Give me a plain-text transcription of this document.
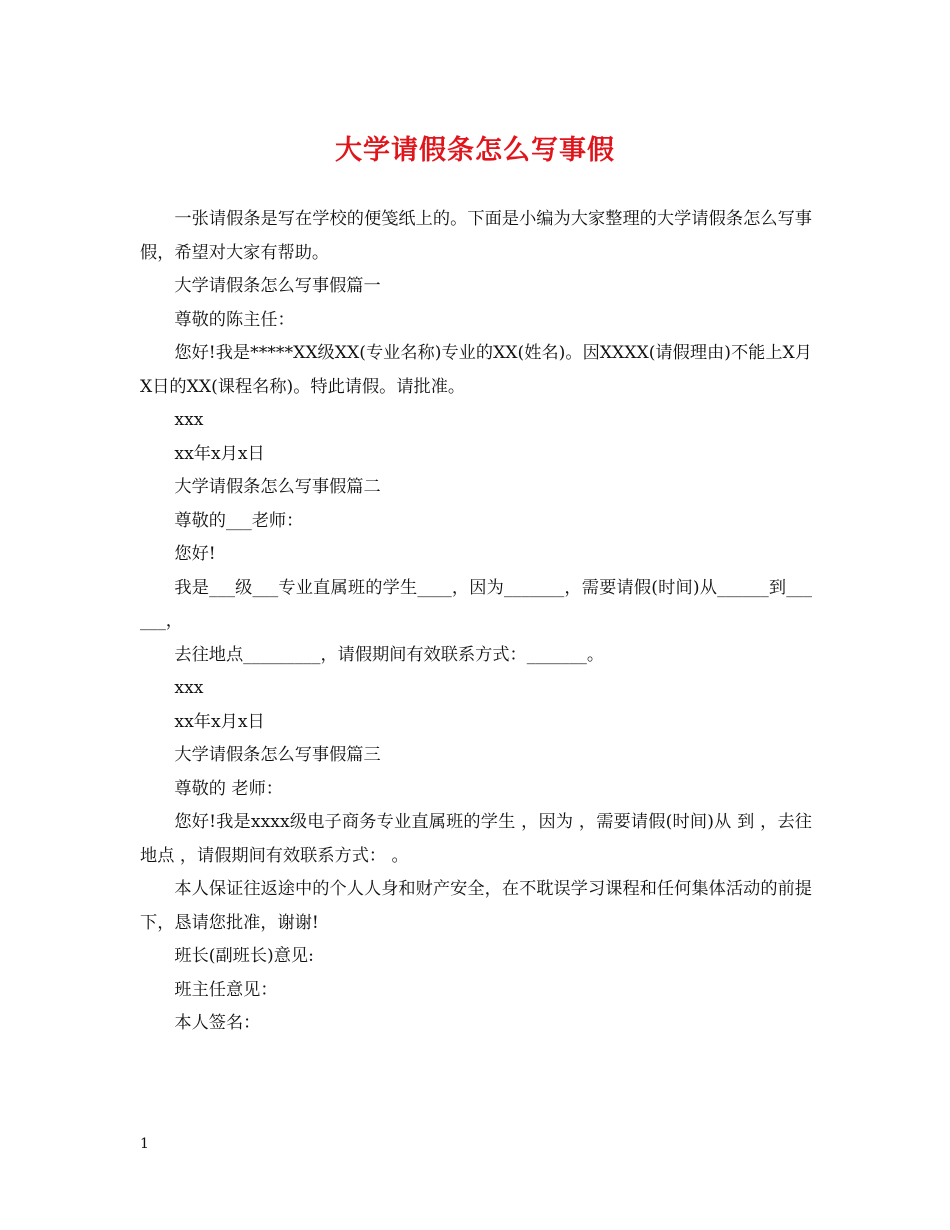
大学请假条怎么写事假

一张请假条是写在学校的便笺纸上的。下面是小编为大家整理的大学请假条怎么写事假，希望对大家有帮助。

大学请假条怎么写事假篇一

尊敬的陈主任：

您好!我是*****XX级XX(专业名称)专业的XX(姓名)。因XXXX(请假理由)不能上X月X日的XX(课程名称)。特此请假。请批准。

xxx

xx年x月x日

大学请假条怎么写事假篇二

尊敬的___老师：

您好!

我是___级___专业直属班的学生____，因为_______，需要请假(时间)从______到______，

去往地点_________，请假期间有效联系方式：_______。

xxx

xx年x月x日

大学请假条怎么写事假篇三

尊敬的 老师：

您好!我是xxxx级电子商务专业直属班的学生 ，因为 ，需要请假(时间)从 到 ，去往地点 ，请假期间有效联系方式： 。

本人保证往返途中的个人人身和财产安全，在不耽误学习课程和任何集体活动的前提下，恳请您批准，谢谢!

班长(副班长)意见:

班主任意见：

本人签名：

1
